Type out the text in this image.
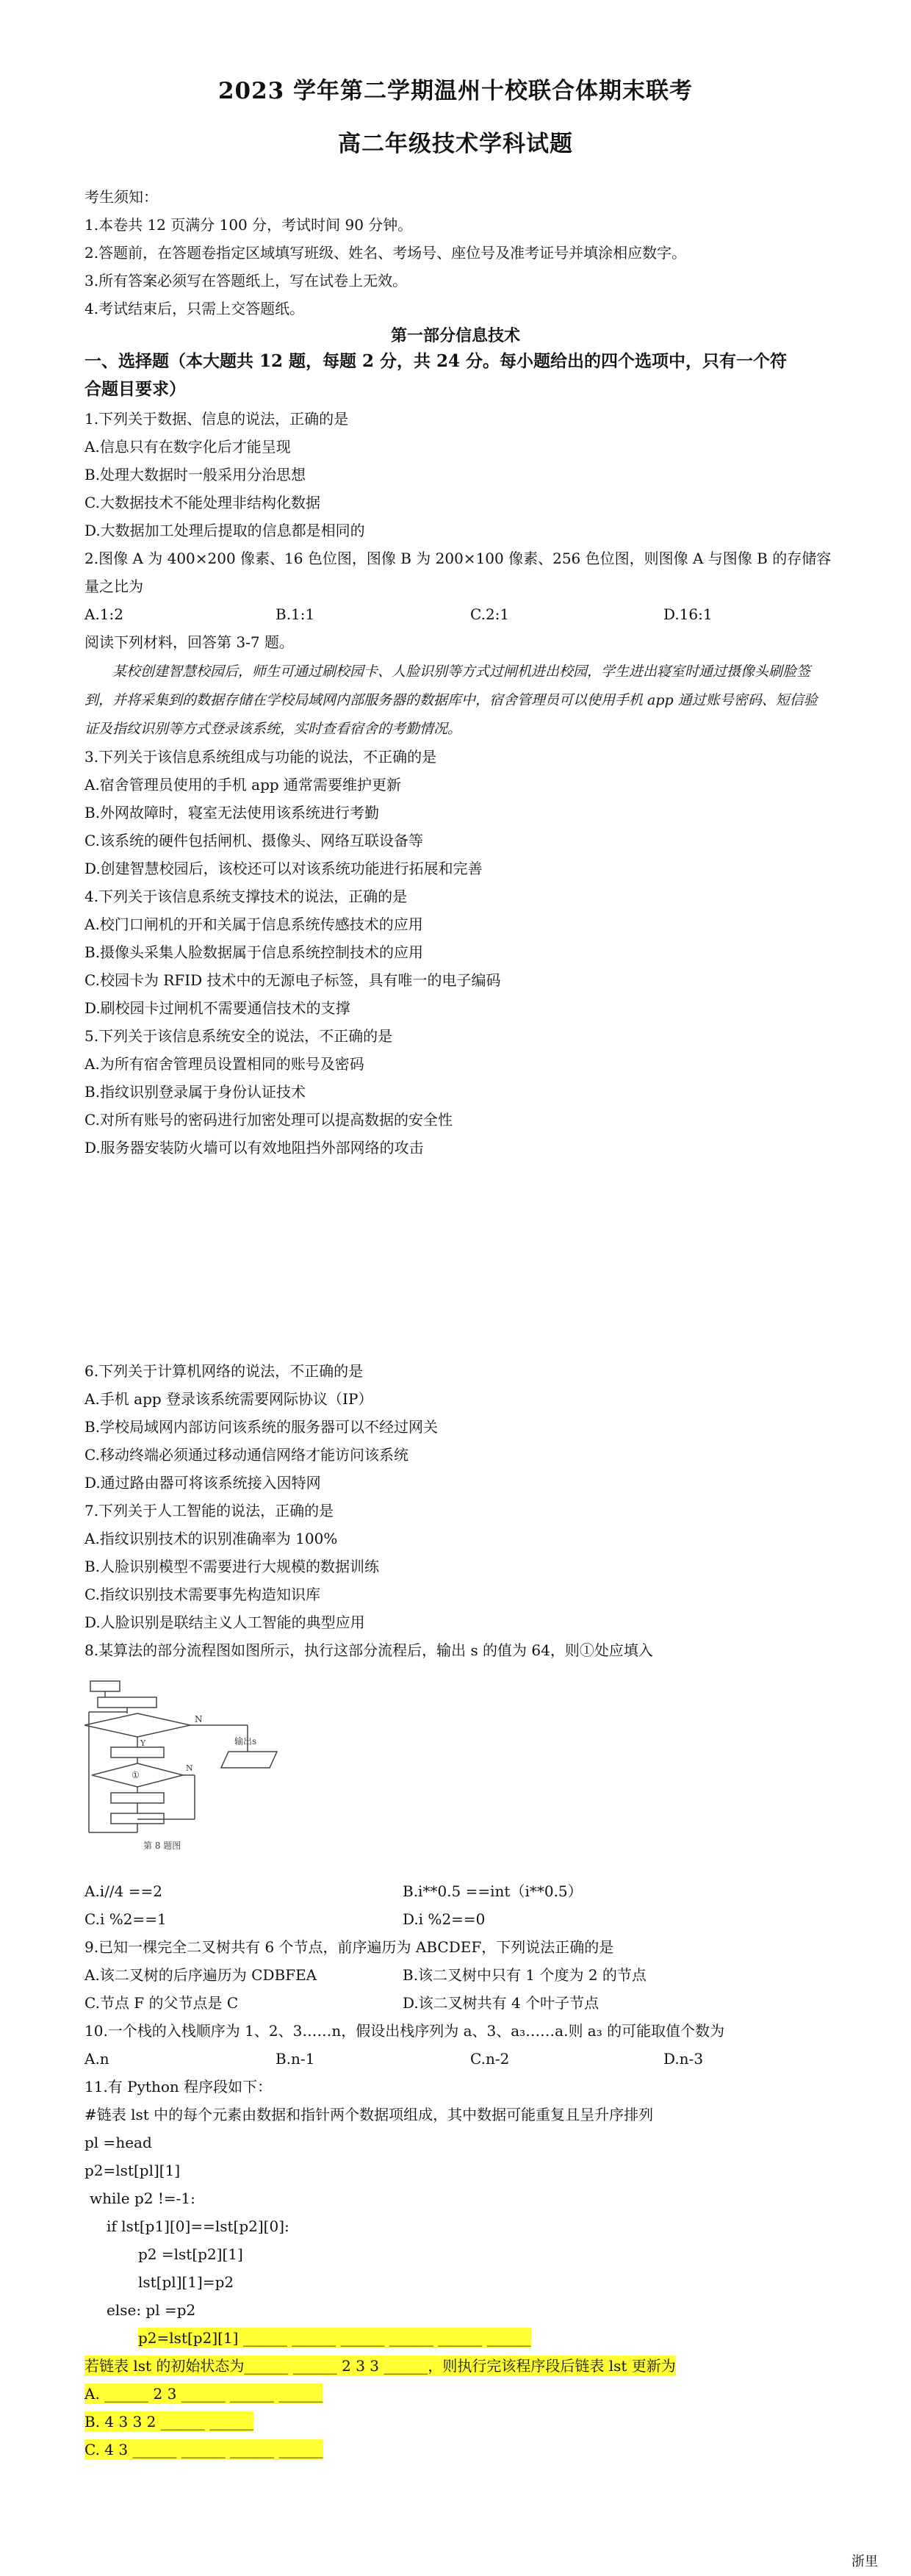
2023 学年第二学期温州十校联合体期末联考
高二年级技术学科试题
考生须知：
1.本卷共 12 页满分 100 分，考试时间 90 分钟。
2.答题前，在答题卷指定区域填写班级、姓名、考场号、座位号及准考证号并填涂相应数字。
3.所有答案必须写在答题纸上，写在试卷上无效。
4.考试结束后，只需上交答题纸。
第一部分信息技术
一、选择题（本大题共 12 题，每题 2 分，共 24 分。每小题给出的四个选项中，只有一个符
合题目要求）
1.下列关于数据、信息的说法，正确的是
A.信息只有在数字化后才能呈现
B.处理大数据时一般采用分治思想
C.大数据技术不能处理非结构化数据
D.大数据加工处理后提取的信息都是相同的
2.图像 A 为 400×200 像素、16 色位图，图像 B 为 200×100 像素、256 色位图，则图像 A 与图像 B 的存储容
量之比为
A.1:2	B.1:1	C.2:1	D.16:1
阅读下列材料，回答第 3-7 题。
某校创建智慧校园后，师生可通过刷校园卡、人脸识别等方式过闸机进出校园，学生进出寝室时通过摄像头刷脸签到，并将采集到的数据存储在学校局域网内部服务器的数据库中，宿舍管理员可以使用手机 app 通过账号密码、短信验证及指纹识别等方式登录该系统，实时查看宿舍的考勤情况。
3.下列关于该信息系统组成与功能的说法，不正确的是
A.宿舍管理员使用的手机 app 通常需要维护更新
B.外网故障时，寝室无法使用该系统进行考勤
C.该系统的硬件包括闸机、摄像头、网络互联设备等
D.创建智慧校园后，该校还可以对该系统功能进行拓展和完善
4.下列关于该信息系统支撑技术的说法，正确的是
A.校门口闸机的开和关属于信息系统传感技术的应用
B.摄像头采集人脸数据属于信息系统控制技术的应用
C.校园卡为 RFID 技术中的无源电子标签，具有唯一的电子编码
D.刷校园卡过闸机不需要通信技术的支撑
5.下列关于该信息系统安全的说法，不正确的是
A.为所有宿舍管理员设置相同的账号及密码
B.指纹识别登录属于身份认证技术
C.对所有账号的密码进行加密处理可以提高数据的安全性
D.服务器安装防火墙可以有效地阻挡外部网络的攻击
6.下列关于计算机网络的说法，不正确的是
A.手机 app 登录该系统需要网际协议（IP）
B.学校局域网内部访问该系统的服务器可以不经过网关
C.移动终端必须通过移动通信网络才能访问该系统
D.通过路由器可将该系统接入因特网
7.下列关于人工智能的说法，正确的是
A.指纹识别技术的识别准确率为 100%
B.人脸识别模型不需要进行大规模的数据训练
C.指纹识别技术需要事先构造知识库
D.人脸识别是联结主义人工智能的典型应用
8.某算法的部分流程图如图所示，执行这部分流程后，输出 s 的值为 64，则①处应填入
N
输出s
Y
①
N
第 8 题图
A.i//4 ==2	B.i**0.5 ==int（i**0.5）
C.i %2==1	D.i %2==0
9.已知一棵完全二叉树共有 6 个节点，前序遍历为 ABCDEF，下列说法正确的是
A.该二叉树的后序遍历为 CDBFEA	B.该二叉树中只有 1 个度为 2 的节点
C.节点 F 的父节点是 C	D.该二叉树共有 4 个叶子节点
10.一个栈的入栈顺序为 1、2、3……n，假设出栈序列为 a、3、a₃……a.则 a₃ 的可能取值个数为
A.n	B.n-1	C.n-2	D.n-3
11.有 Python 程序段如下：
#链表 lst 中的每个元素由数据和指针两个数据项组成，其中数据可能重复且呈升序排列
pl =head
p2=lst[pl][1]
while p2 !=-1:
if lst[p1][0]==lst[p2][0]:
p2 =lst[p2][1]
lst[pl][1]=p2
else: pl =p2
p2=lst[p2][1] ______ ______ ______ ______ ______ ______
若链表 lst 的初始状态为______ ______ 2 3 3 ______，则执行完该程序段后链表 lst 更新为
A. ______ 2 3 ______ ______ ______
B. 4 3 3 2 ______ ______
C. 4 3 ______ ______ ______ ______
浙里
